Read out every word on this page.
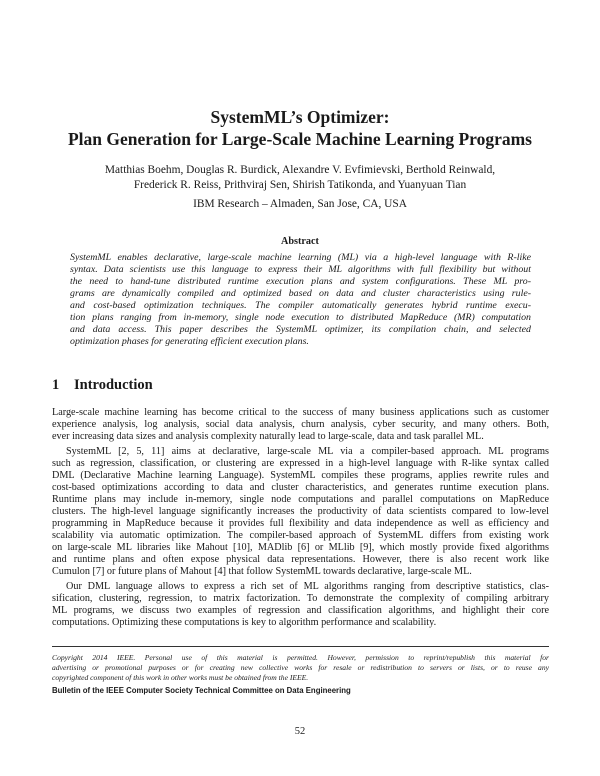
SystemML’s Optimizer:
Plan Generation for Large-Scale Machine Learning Programs
Matthias Boehm, Douglas R. Burdick, Alexandre V. Evfimievski, Berthold Reinwald,
Frederick R. Reiss, Prithviraj Sen, Shirish Tatikonda, and Yuanyuan Tian
IBM Research – Almaden, San Jose, CA, USA
Abstract
SystemML enables declarative, large-scale machine learning (ML) via a high-level language with R-like
syntax. Data scientists use this language to express their ML algorithms with full flexibility but without
the need to hand-tune distributed runtime execution plans and system configurations. These ML pro-
grams are dynamically compiled and optimized based on data and cluster characteristics using rule-
and cost-based optimization techniques. The compiler automatically generates hybrid runtime execu-
tion plans ranging from in-memory, single node execution to distributed MapReduce (MR) computation
and data access. This paper describes the SystemML optimizer, its compilation chain, and selected
optimization phases for generating efficient execution plans.
1 Introduction
Large-scale machine learning has become critical to the success of many business applications such as customer
experience analysis, log analysis, social data analysis, churn analysis, cyber security, and many others. Both,
ever increasing data sizes and analysis complexity naturally lead to large-scale, data and task parallel ML.
SystemML [2, 5, 11] aims at declarative, large-scale ML via a compiler-based approach. ML programs
such as regression, classification, or clustering are expressed in a high-level language with R-like syntax called
DML (Declarative Machine learning Language). SystemML compiles these programs, applies rewrite rules and
cost-based optimizations according to data and cluster characteristics, and generates runtime execution plans.
Runtime plans may include in-memory, single node computations and parallel computations on MapReduce
clusters. The high-level language significantly increases the productivity of data scientists compared to low-level
programming in MapReduce because it provides full flexibility and data independence as well as efficiency and
scalability via automatic optimization. The compiler-based approach of SystemML differs from existing work
on large-scale ML libraries like Mahout [10], MADlib [6] or MLlib [9], which mostly provide fixed algorithms
and runtime plans and often expose physical data representations. However, there is also recent work like
Cumulon [7] or future plans of Mahout [4] that follow SystemML towards declarative, large-scale ML.
Our DML language allows to express a rich set of ML algorithms ranging from descriptive statistics, clas-
sification, clustering, regression, to matrix factorization. To demonstrate the complexity of compiling arbitrary
ML programs, we discuss two examples of regression and classification algorithms, and highlight their core
computations. Optimizing these computations is key to algorithm performance and scalability.
Copyright 2014 IEEE. Personal use of this material is permitted. However, permission to reprint/republish this material for
advertising or promotional purposes or for creating new collective works for resale or redistribution to servers or lists, or to reuse any
copyrighted component of this work in other works must be obtained from the IEEE.
Bulletin of the IEEE Computer Society Technical Committee on Data Engineering
52
